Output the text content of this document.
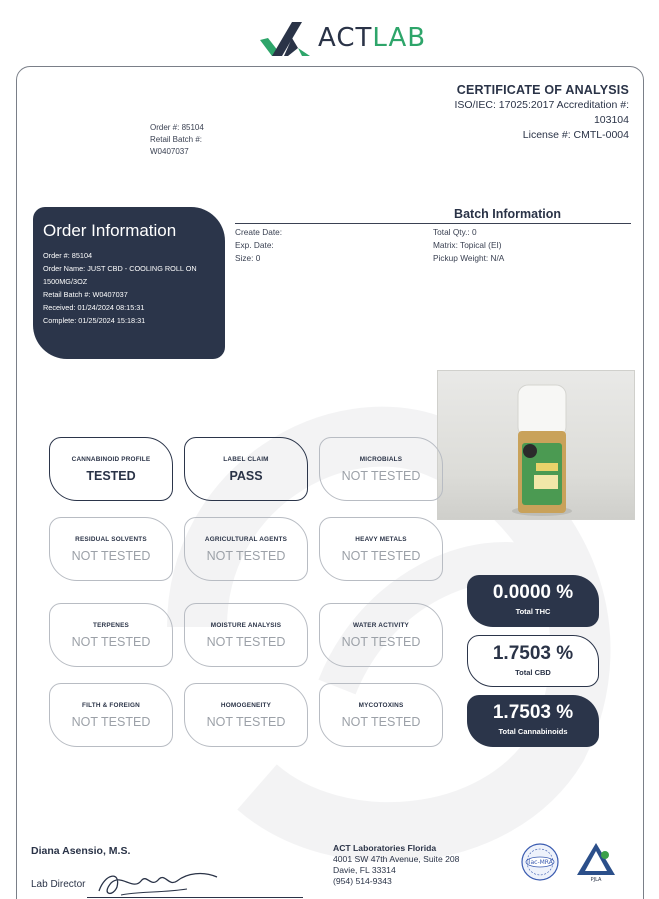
ACTLAB
CERTIFICATE OF ANALYSIS
ISO/IEC: 17025:2017 Accreditation #: 103104
License #: CMTL-0004
Order #: 85104
Retail Batch #:
W0407037
Order Information
Order #: 85104
Order Name: JUST CBD - COOLING ROLL ON
1500MG/3OZ
Retail Batch #: W0407037
Received: 01/24/2024 08:15:31
Complete: 01/25/2024 15:18:31
Batch Information
Create Date:
Exp. Date:
Size: 0
Total Qty.: 0
Matrix: Topical (EI)
Pickup Weight: N/A
CANNABINOID PROFILE
TESTED
LABEL CLAIM
PASS
MICROBIALS
NOT TESTED
RESIDUAL SOLVENTS
NOT TESTED
AGRICULTURAL AGENTS
NOT TESTED
HEAVY METALS
NOT TESTED
TERPENES
NOT TESTED
MOISTURE ANALYSIS
NOT TESTED
WATER ACTIVITY
NOT TESTED
FILTH & FOREIGN
NOT TESTED
HOMOGENEITY
NOT TESTED
MYCOTOXINS
NOT TESTED
0.0000 %
Total THC
1.7503 %
Total CBD
1.7503 %
Total Cannabinoids
Diana Asensio, M.S.
Lab Director
ACT Laboratories Florida
4001 SW 47th Avenue, Suite 208
Davie, FL 33314
(954) 514-9343
ilac-MRA
PJLA
